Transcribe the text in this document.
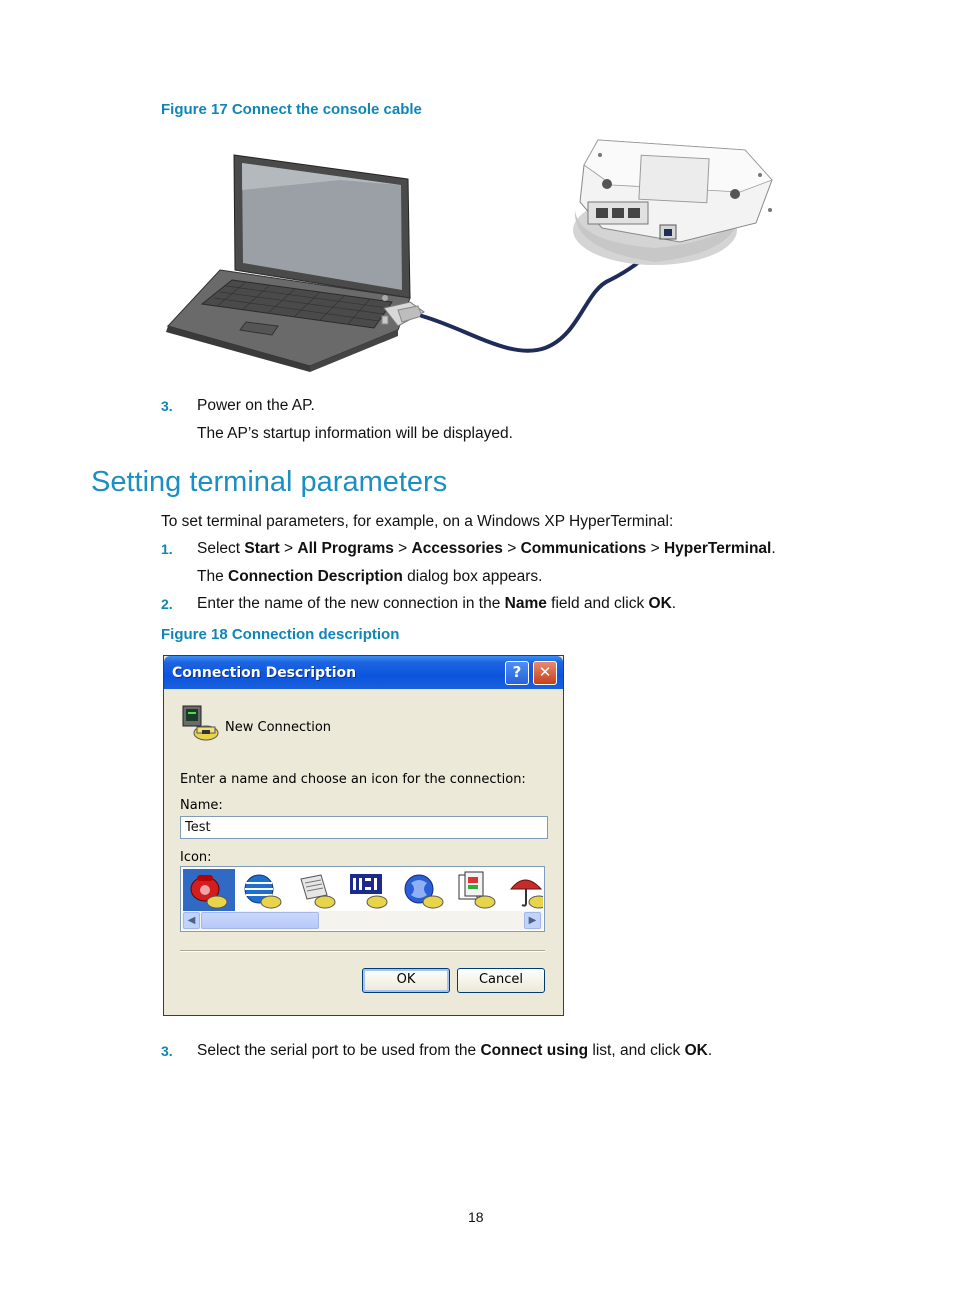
Figure 17 Connect the console cable
3. Power on the AP.
The AP’s startup information will be displayed.
Setting terminal parameters
To set terminal parameters, for example, on a Windows XP HyperTerminal:
1. Select Start > All Programs > Accessories > Communications > HyperTerminal.
The Connection Description dialog box appears.
2. Enter the name of the new connection in the Name field and click OK.
Figure 18 Connection description
Connection Description	?	✕
New Connection
Enter a name and choose an icon for the connection:
Name:
Test
Icon:
◀	▶
OK	Cancel
3. Select the serial port to be used from the Connect using list, and click OK.
18
